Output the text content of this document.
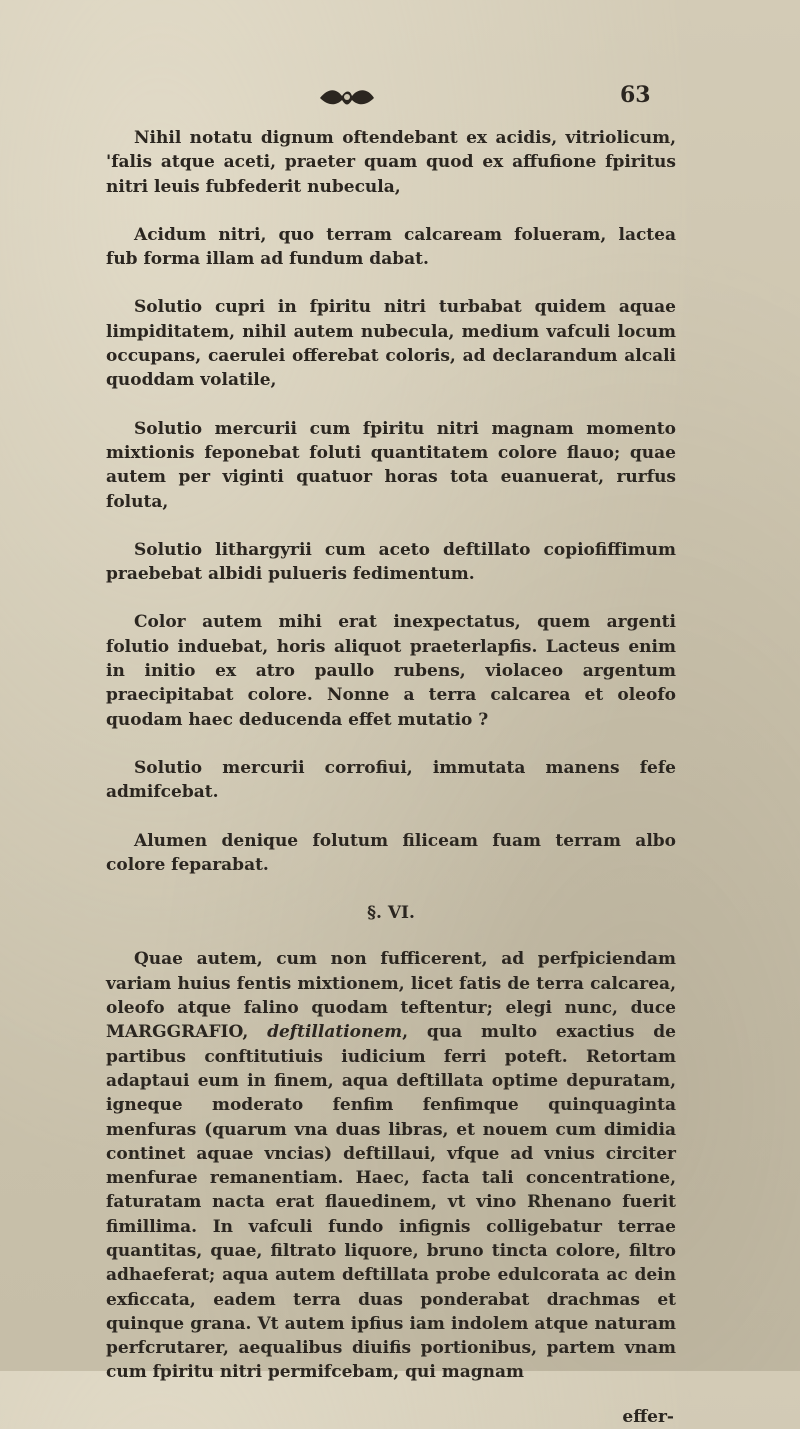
63

Nihil notatu dignum oftendebant ex acidis, vitriolicum, 'falis atque aceti, praeter quam quod ex affufione fpiritus nitri leuis fubfederit nubecula,

Acidum nitri, quo terram calcaream folueram, lactea fub forma illam ad fundum dabat.

Solutio cupri in fpiritu nitri turbabat quidem aquae limpiditatem, nihil autem nubecula, medium vafculi locum occupans, caerulei offerebat coloris, ad declarandum alcali quoddam volatile,

Solutio mercurii cum fpiritu nitri magnam momento mixtionis feponebat foluti quantitatem colore flauo; quae autem per viginti quatuor horas tota euanuerat, rurfus foluta,

Solutio lithargyrii cum aceto deftillato copiofiffimum praebebat albidi pulueris fedimentum.

Color autem mihi erat inexpectatus, quem argenti folutio induebat, horis aliquot praeterlapfis. Lacteus enim in initio ex atro paullo rubens, violaceo argentum praecipitabat colore. Nonne a terra calcarea et oleofo quodam haec deducenda effet mutatio ?

Solutio mercurii corrofiui, immutata manens fefe admifcebat.

Alumen denique folutum filiceam fuam terram albo colore feparabat.

§. VI.

Quae autem, cum non fufficerent, ad perfpiciendam variam huius fentis mixtionem, licet fatis de terra calcarea, oleofo atque falino quodam teftentur; elegi nunc, duce MARGGRAFIO, deftillationem, qua multo exactius de partibus conftitutiuis iudicium ferri poteft. Retortam adaptaui eum in finem, aqua deftillata optime depuratam, igneque moderato fenfim fenfimque quinquaginta menfuras (quarum vna duas libras, et nouem cum dimidia continet aquae vncias) deftillaui, vfque ad vnius circiter menfurae remanentiam. Haec, facta tali concentratione, faturatam nacta erat flauedinem, vt vino Rhenano fuerit fimillima. In vafculi fundo infignis colligebatur terrae quantitas, quae, filtrato liquore, bruno tincta colore, filtro adhaeferat; aqua autem deftillata probe edulcorata ac dein exficcata, eadem terra duas ponderabat drachmas et quinque grana. Vt autem ipfius iam indolem atque naturam perfcrutarer, aequalibus diuifis portionibus, partem vnam cum fpiritu nitri permifcebam, qui magnam

effer-
